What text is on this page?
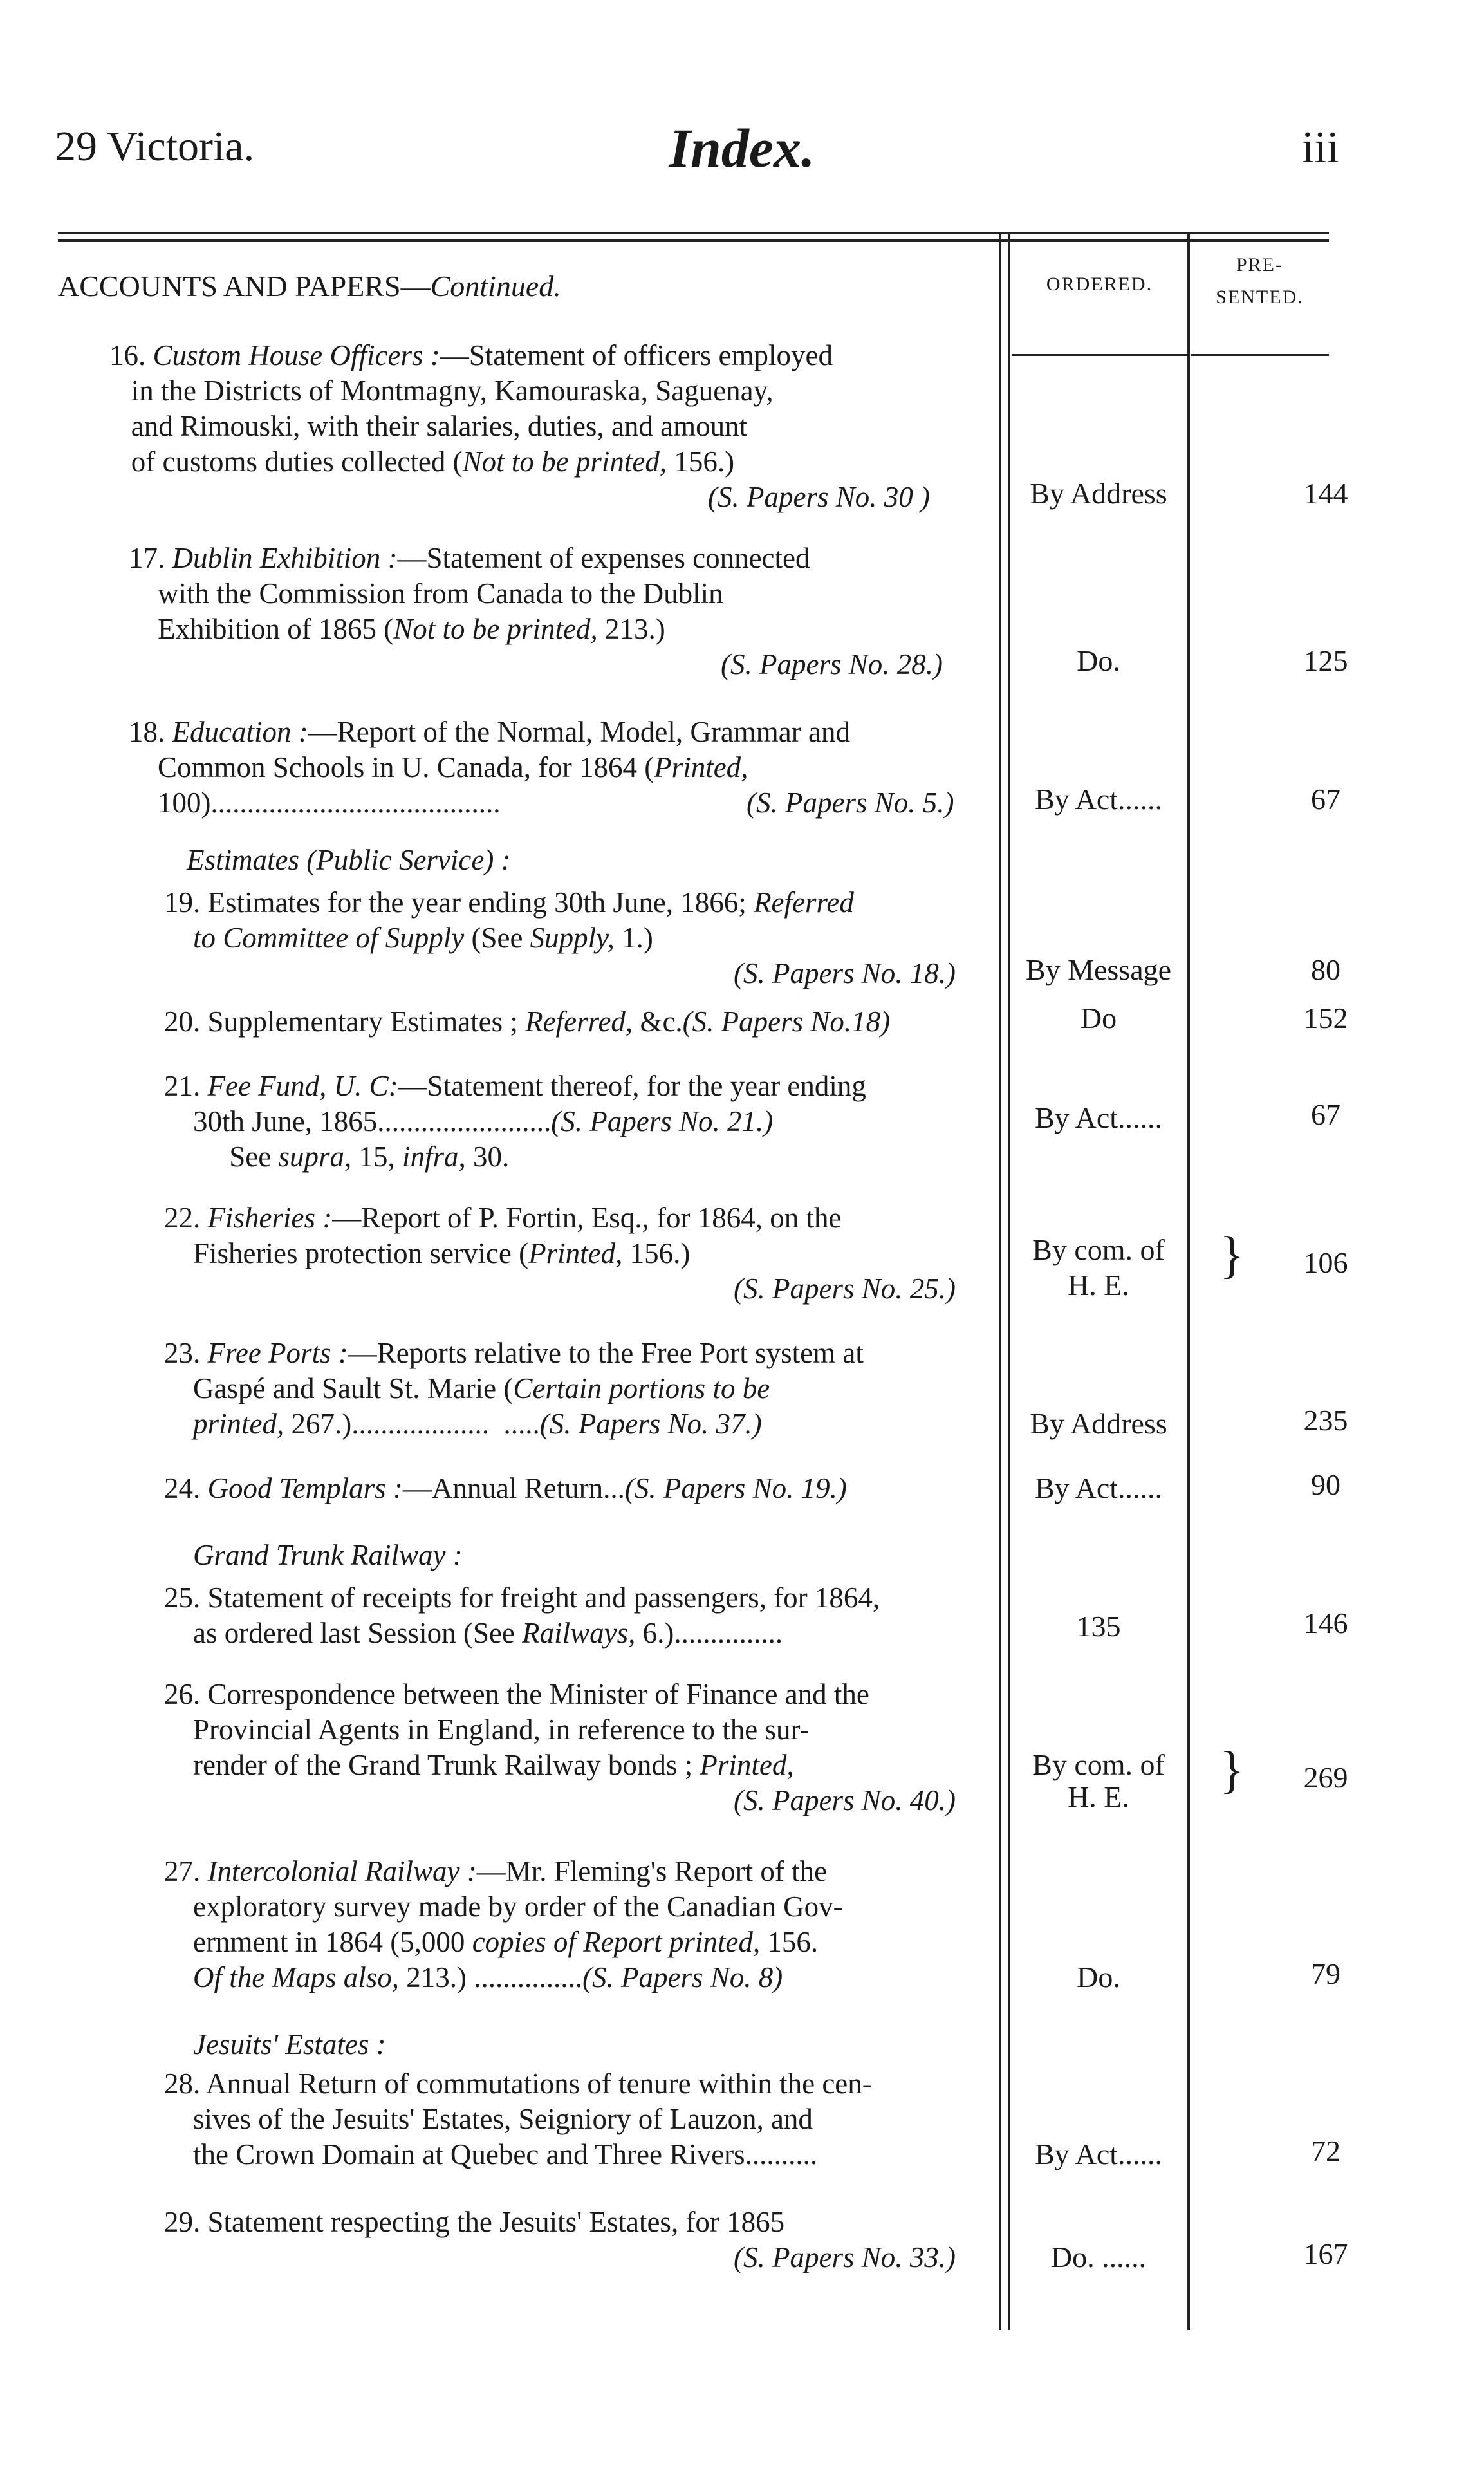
29 Victoria.	Index.	iii
ORDERED.
PRE-
SENTED.
ACCOUNTS AND PAPERS—Continued.
16. Custom House Officers :—Statement of officers employed
in the Districts of Montmagny, Kamouraska, Saguenay,
and Rimouski, with their salaries, duties, and amount
of customs duties collected (Not to be printed, 156.)
(S. Papers No. 30 )	By Address	144
17. Dublin Exhibition :—Statement of expenses connected
with the Commission from Canada to the Dublin
Exhibition of 1865 (Not to be printed, 213.)
(S. Papers No. 28.)	Do.	125
18. Education :—Report of the Normal, Model, Grammar and
Common Schools in U. Canada, for 1864 (Printed,
100)........................................	(S. Papers No. 5.)	By Act......	67
Estimates (Public Service) :
19. Estimates for the year ending 30th June, 1866; Referred
to Committee of Supply (See Supply, 1.)
(S. Papers No. 18.)	By Message	80
20. Supplementary Estimates ; Referred, &c.(S. Papers No.18)	Do	152
21. Fee Fund, U. C:—Statement thereof, for the year ending
30th June, 1865........................(S. Papers No. 21.)
See supra, 15, infra, 30.
By Act......	67
22. Fisheries :—Report of P. Fortin, Esq., for 1864, on the
Fisheries protection service (Printed, 156.)
(S. Papers No. 25.)
By com. of
H. E.
}	106
23. Free Ports :—Reports relative to the Free Port system at
Gaspé and Sault St. Marie (Certain portions to be
printed, 267.)...................  .....(S. Papers No. 37.)	By Address	235
24. Good Templars :—Annual Return...(S. Papers No. 19.)	By Act......	90
Grand Trunk Railway :
25. Statement of receipts for freight and passengers, for 1864,
as ordered last Session (See Railways, 6.)...............	135	146
26. Correspondence between the Minister of Finance and the
Provincial Agents in England, in reference to the sur-
render of the Grand Trunk Railway bonds ; Printed,
(S. Papers No. 40.)
By com. of
H. E.	}	269
27. Intercolonial Railway :—Mr. Fleming's Report of the
exploratory survey made by order of the Canadian Gov-
ernment in 1864 (5,000 copies of Report printed, 156.
Of the Maps also, 213.) ...............(S. Papers No. 8)	Do.	79
Jesuits' Estates :
28. Annual Return of commutations of tenure within the cen-
sives of the Jesuits' Estates, Seigniory of Lauzon, and
the Crown Domain at Quebec and Three Rivers..........	By Act......	72
29. Statement respecting the Jesuits' Estates, for 1865
(S. Papers No. 33.)	Do. ......	167
